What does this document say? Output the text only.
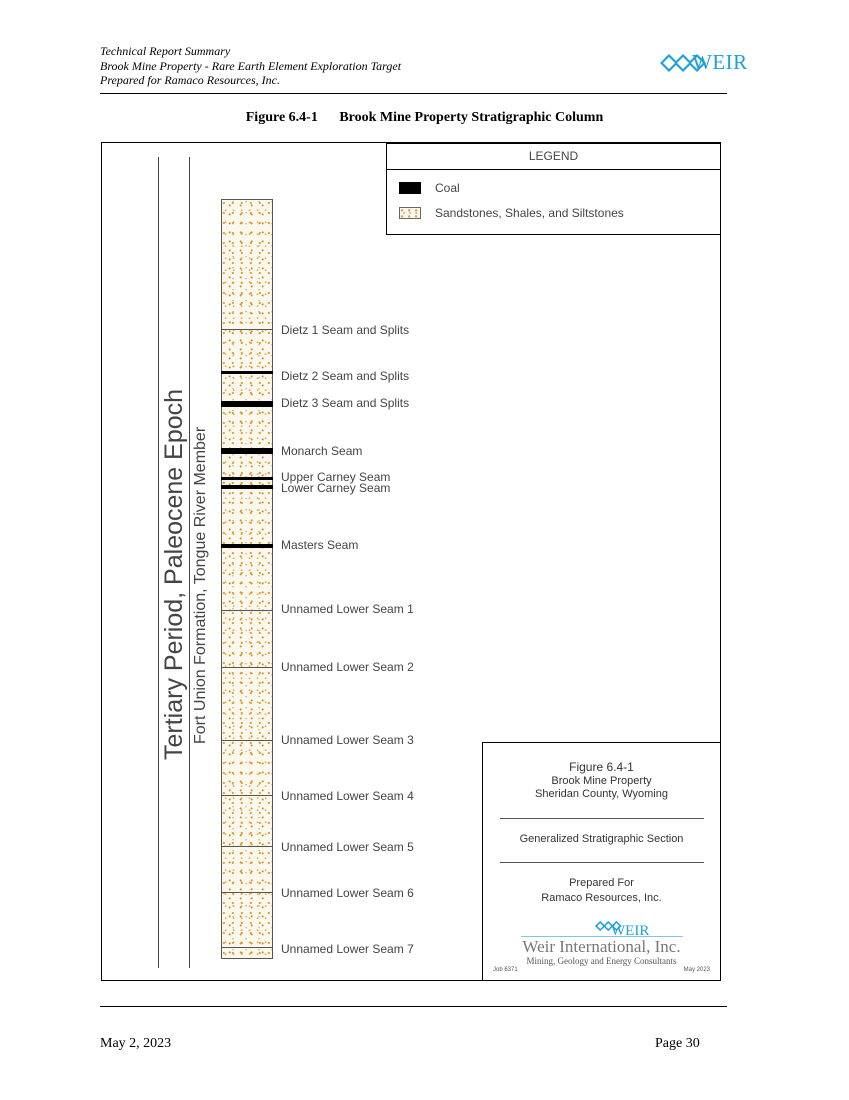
Technical Report Summary
Brook Mine Property - Rare Earth Element Exploration Target
Prepared for Ramaco Resources, Inc.
WEIR
Figure 6.4-1 Brook Mine Property Stratigraphic Column
Tertiary Period, Paleocene Epoch Fort Union Formation, Tongue River Member
Dietz 1 Seam and Splits
Dietz 2 Seam and Splits
Dietz 3 Seam and Splits
Monarch Seam
Upper Carney Seam
Lower Carney Seam
Masters Seam
Unnamed Lower Seam 1
Unnamed Lower Seam 2
Unnamed Lower Seam 3
Unnamed Lower Seam 4
Unnamed Lower Seam 5
Unnamed Lower Seam 6
Unnamed Lower Seam 7
LEGEND
Coal
Sandstones, Shales, and Siltstones
Figure 6.4-1
Brook Mine Property
Sheridan County, Wyoming
Generalized Stratigraphic Section
Prepared For
Ramaco Resources, Inc.
Weir International, Inc.
Mining, Geology and Energy Consultants
Job 6371	May 2023
WEIR
May 2, 2023	Page 30
